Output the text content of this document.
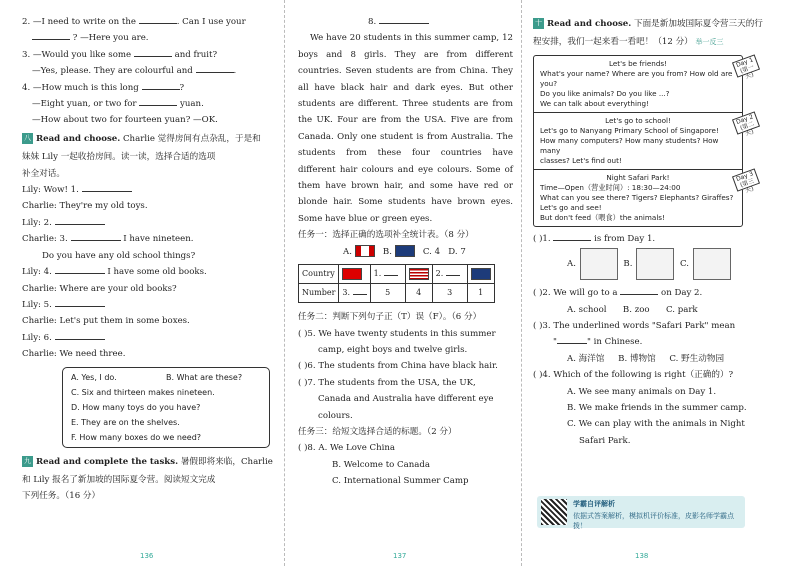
2. —I need to write on the	. Can I use your
? —Here you are.
3. —Would you like some	and fruit?
—Yes, please. They are colourful and	.
4. —How much is this long	?
—Eight yuan, or two for	yuan.
—How about two for fourteen yuan? —OK.
八 Read and choose. Charlie 觉得房间有点杂乱，于是和
妹妹 Lily 一起收拾房间。读一读，选择合适的选项
补全对话。
Lily: Wow! 1.
Charlie: They're my old toys.
Lily: 2.
Charlie: 3.	I have nineteen.
Do you have any old school things?
Lily: 4.	I have some old books.
Charlie: Where are your old books?
Lily: 5.
Charlie: Let's put them in some boxes.
Lily: 6.
Charlie: We need three.
A. Yes, I do.	B. What are these?
C. Six and thirteen makes nineteen.
D. How many toys do you have?
E. They are on the shelves.
F. How many boxes do we need?
九 Read and complete the tasks. 暑假即将来临，Charlie
和 Lily 报名了新加坡的国际夏令营。阅读短文完成
下列任务。（16 分）
136
8.
We have 20 students in this summer camp, 12 boys and 8 girls. They are from different countries. Seven students are from China. They all have black hair and dark eyes. But other students are different. Three students are from the UK. Four are from the USA. Five are from Canada. Only one student is from Australia. The students from these four countries have different hair colours and eye colours. Some of them have brown hair, and some have red or blonde hair. Some students have brown eyes. Some have blue or green eyes.
任务一：选择正确的选项补全统计表。（8 分）
A.	B.	C. 4 D. 7
Country		1.		2.	
Number	3.	5	4	3	1
任务二：判断下列句子正（T）误（F）。（6 分）
( )5. We have twenty students in this summer
camp, eight boys and twelve girls.
( )6. The students from China have black hair.
( )7. The students from the USA, the UK,
Canada and Australia have different eye
colours.
任务三：给短文选择合适的标题。（2 分）
( )8. A. We Love China
B. Welcome to Canada
C. International Summer Camp
137
十 Read and choose. 下面是新加坡国际夏令营三天的行
程安排，我们一起来看一看吧！（12 分） 举一反三
Let's be friends!
What's your name? Where are you from? How old are you?
Do you like animals? Do you like ...?
We can talk about everything!
Day 1 (第一天)
Let's go to school!
Let's go to Nanyang Primary School of Singapore!
How many computers? How many students? How many
classes? Let's find out!
Day 2 (第二天)
Night Safari Park!
Time—Open（营业时间）: 18:30—24:00
What can you see there? Tigers? Elephants? Giraffes?
Let's go and see!
But don't feed（喂食）the animals!
Day 3 (第三天)
( )1.	is from Day 1.
A.	B.	C.
( )2. We will go to a	on Day 2.
A. school B. zoo C. park
( )3. The underlined words "Safari Park" mean
"	" in Chinese.
A. 海洋馆 B. 博物馆 C. 野生动物园
( )4. Which of the following is right（正确的）?
A. We see many animals on Day 1.
B. We make friends in the summer camp.
C. We can play with the animals in Night
Safari Park.
学霸自评解析
依据式答案解析，模拟机评价标准，皮影名师学霸点拨！
138
